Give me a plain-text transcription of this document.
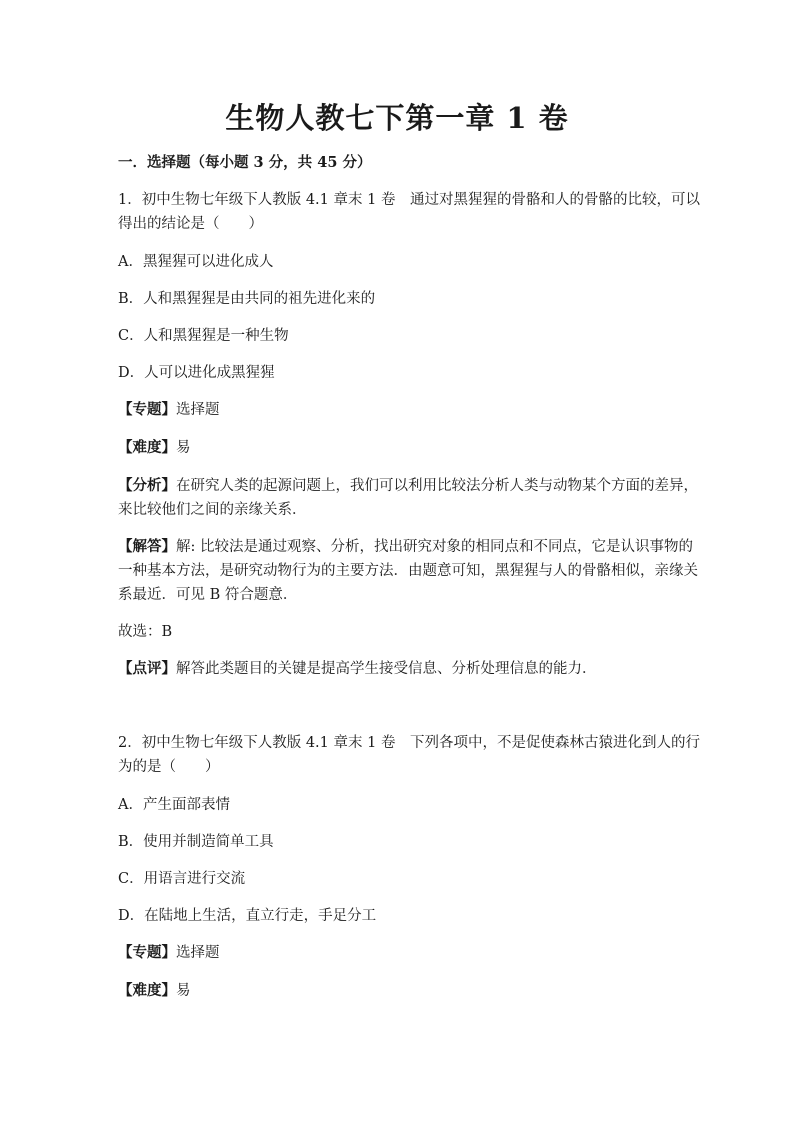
生物人教七下第一章 1 卷
一．选择题（每小题 3 分，共 45 分）
1．初中生物七年级下人教版 4.1 章末 1 卷　通过对黑猩猩的骨骼和人的骨骼的比较，可以
得出的结论是（　　）
A．黑猩猩可以进化成人
B．人和黑猩猩是由共同的祖先进化来的
C．人和黑猩猩是一种生物
D．人可以进化成黑猩猩
【专题】选择题
【难度】易
【分析】在研究人类的起源问题上，我们可以利用比较法分析人类与动物某个方面的差异，
来比较他们之间的亲缘关系．
【解答】解: 比较法是通过观察、分析，找出研究对象的相同点和不同点，它是认识事物的
一种基本方法，是研究动物行为的主要方法．由题意可知，黑猩猩与人的骨骼相似，亲缘关
系最近．可见 B 符合题意．
故选：B
【点评】解答此类题目的关键是提高学生接受信息、分析处理信息的能力．
2．初中生物七年级下人教版 4.1 章末 1 卷　下列各项中，不是促使森林古猿进化到人的行
为的是（　　）
A．产生面部表情
B．使用并制造简单工具
C．用语言进行交流
D．在陆地上生活，直立行走，手足分工
【专题】选择题
【难度】易
